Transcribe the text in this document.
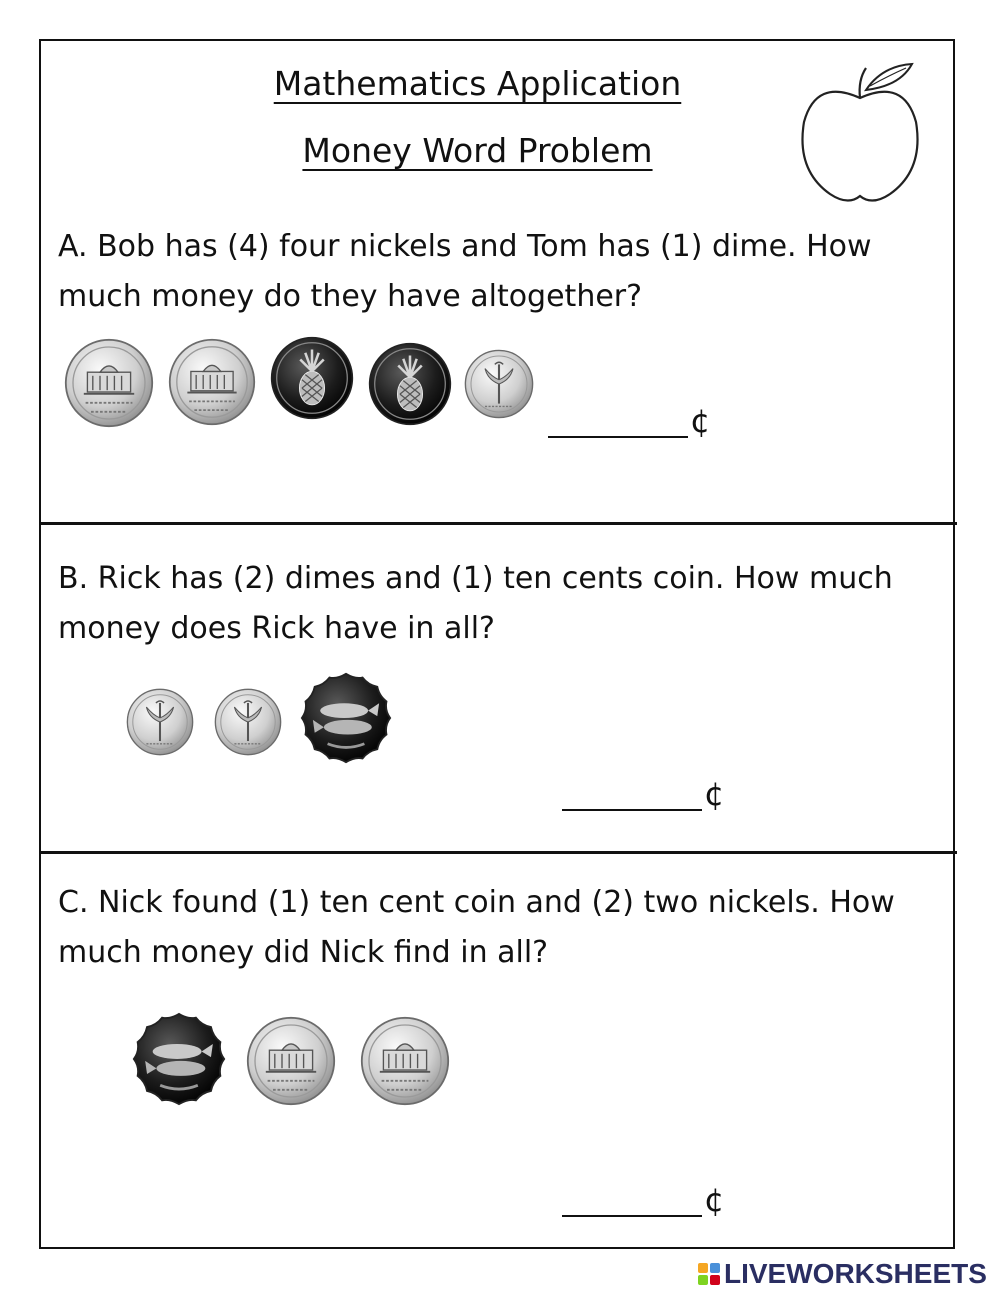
Mathematics Application
Money Word Problem
A. Bob has (4) four nickels and Tom has (1) dime. How much money do they have altogether?
¢
B. Rick has (2) dimes and (1) ten cents coin. How much money does Rick have in all?
¢
C. Nick found (1) ten cent coin and (2) two nickels. How much money did Nick find in all?
¢
LIVEWORKSHEETS
